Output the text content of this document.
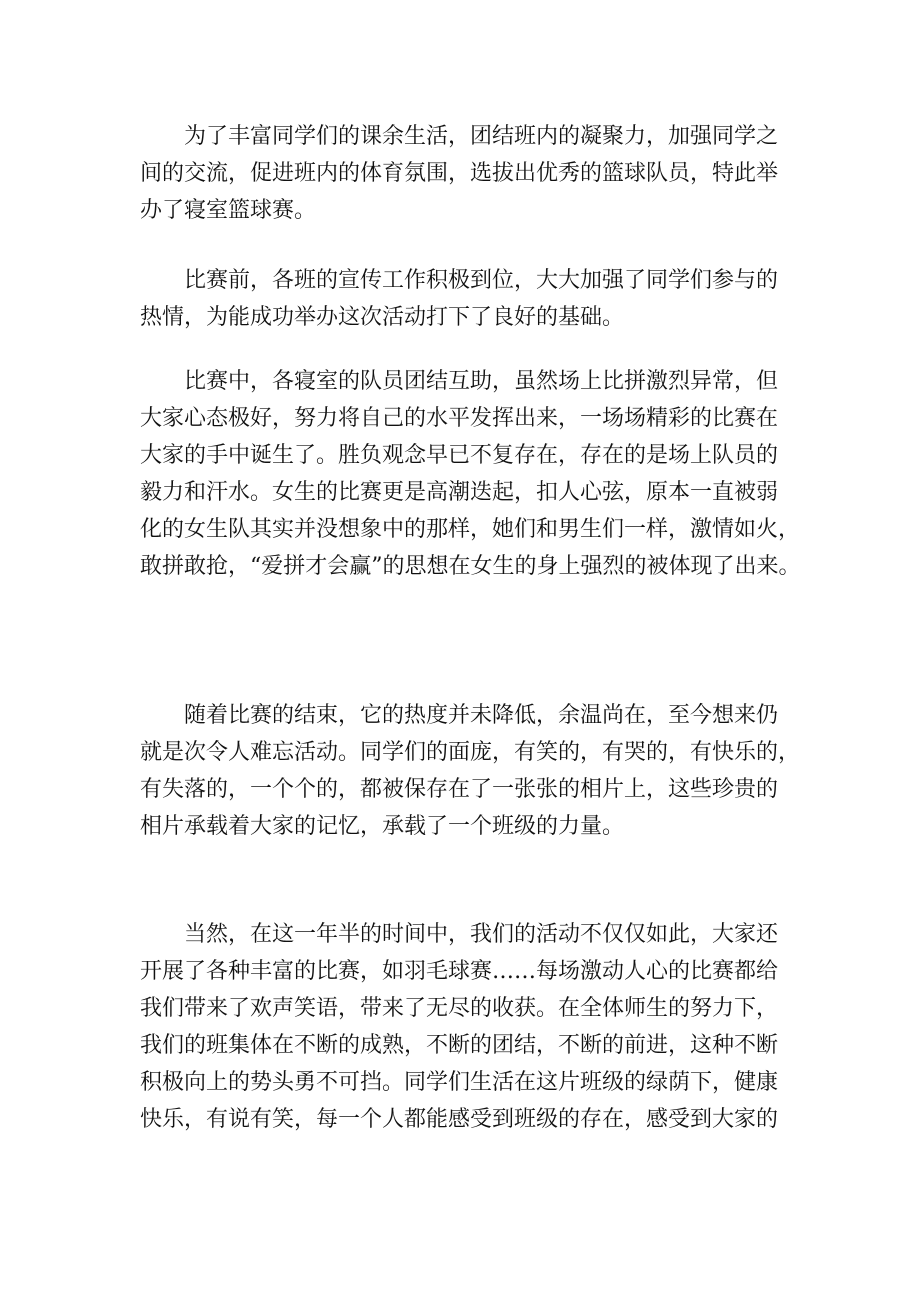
为了丰富同学们的课余生活，团结班内的凝聚力，加强同学之
间的交流，促进班内的体育氛围，选拔出优秀的篮球队员，特此举
办了寝室篮球赛。
比赛前，各班的宣传工作积极到位，大大加强了同学们参与的
热情，为能成功举办这次活动打下了良好的基础。
比赛中，各寝室的队员团结互助，虽然场上比拼激烈异常，但
大家心态极好，努力将自己的水平发挥出来，一场场精彩的比赛在
大家的手中诞生了。胜负观念早已不复存在，存在的是场上队员的
毅力和汗水。女生的比赛更是高潮迭起，扣人心弦，原本一直被弱
化的女生队其实并没想象中的那样，她们和男生们一样，激情如火，
敢拼敢抢，“爱拼才会赢”的思想在女生的身上强烈的被体现了出来。
随着比赛的结束，它的热度并未降低，余温尚在，至今想来仍
就是次令人难忘活动。同学们的面庞，有笑的，有哭的，有快乐的，
有失落的，一个个的，都被保存在了一张张的相片上，这些珍贵的
相片承载着大家的记忆，承载了一个班级的力量。
当然，在这一年半的时间中，我们的活动不仅仅如此，大家还
开展了各种丰富的比赛，如羽毛球赛……每场激动人心的比赛都给
我们带来了欢声笑语，带来了无尽的收获。在全体师生的努力下，
我们的班集体在不断的成熟，不断的团结，不断的前进，这种不断
积极向上的势头勇不可挡。同学们生活在这片班级的绿荫下，健康
快乐，有说有笑，每一个人都能感受到班级的存在，感受到大家的
